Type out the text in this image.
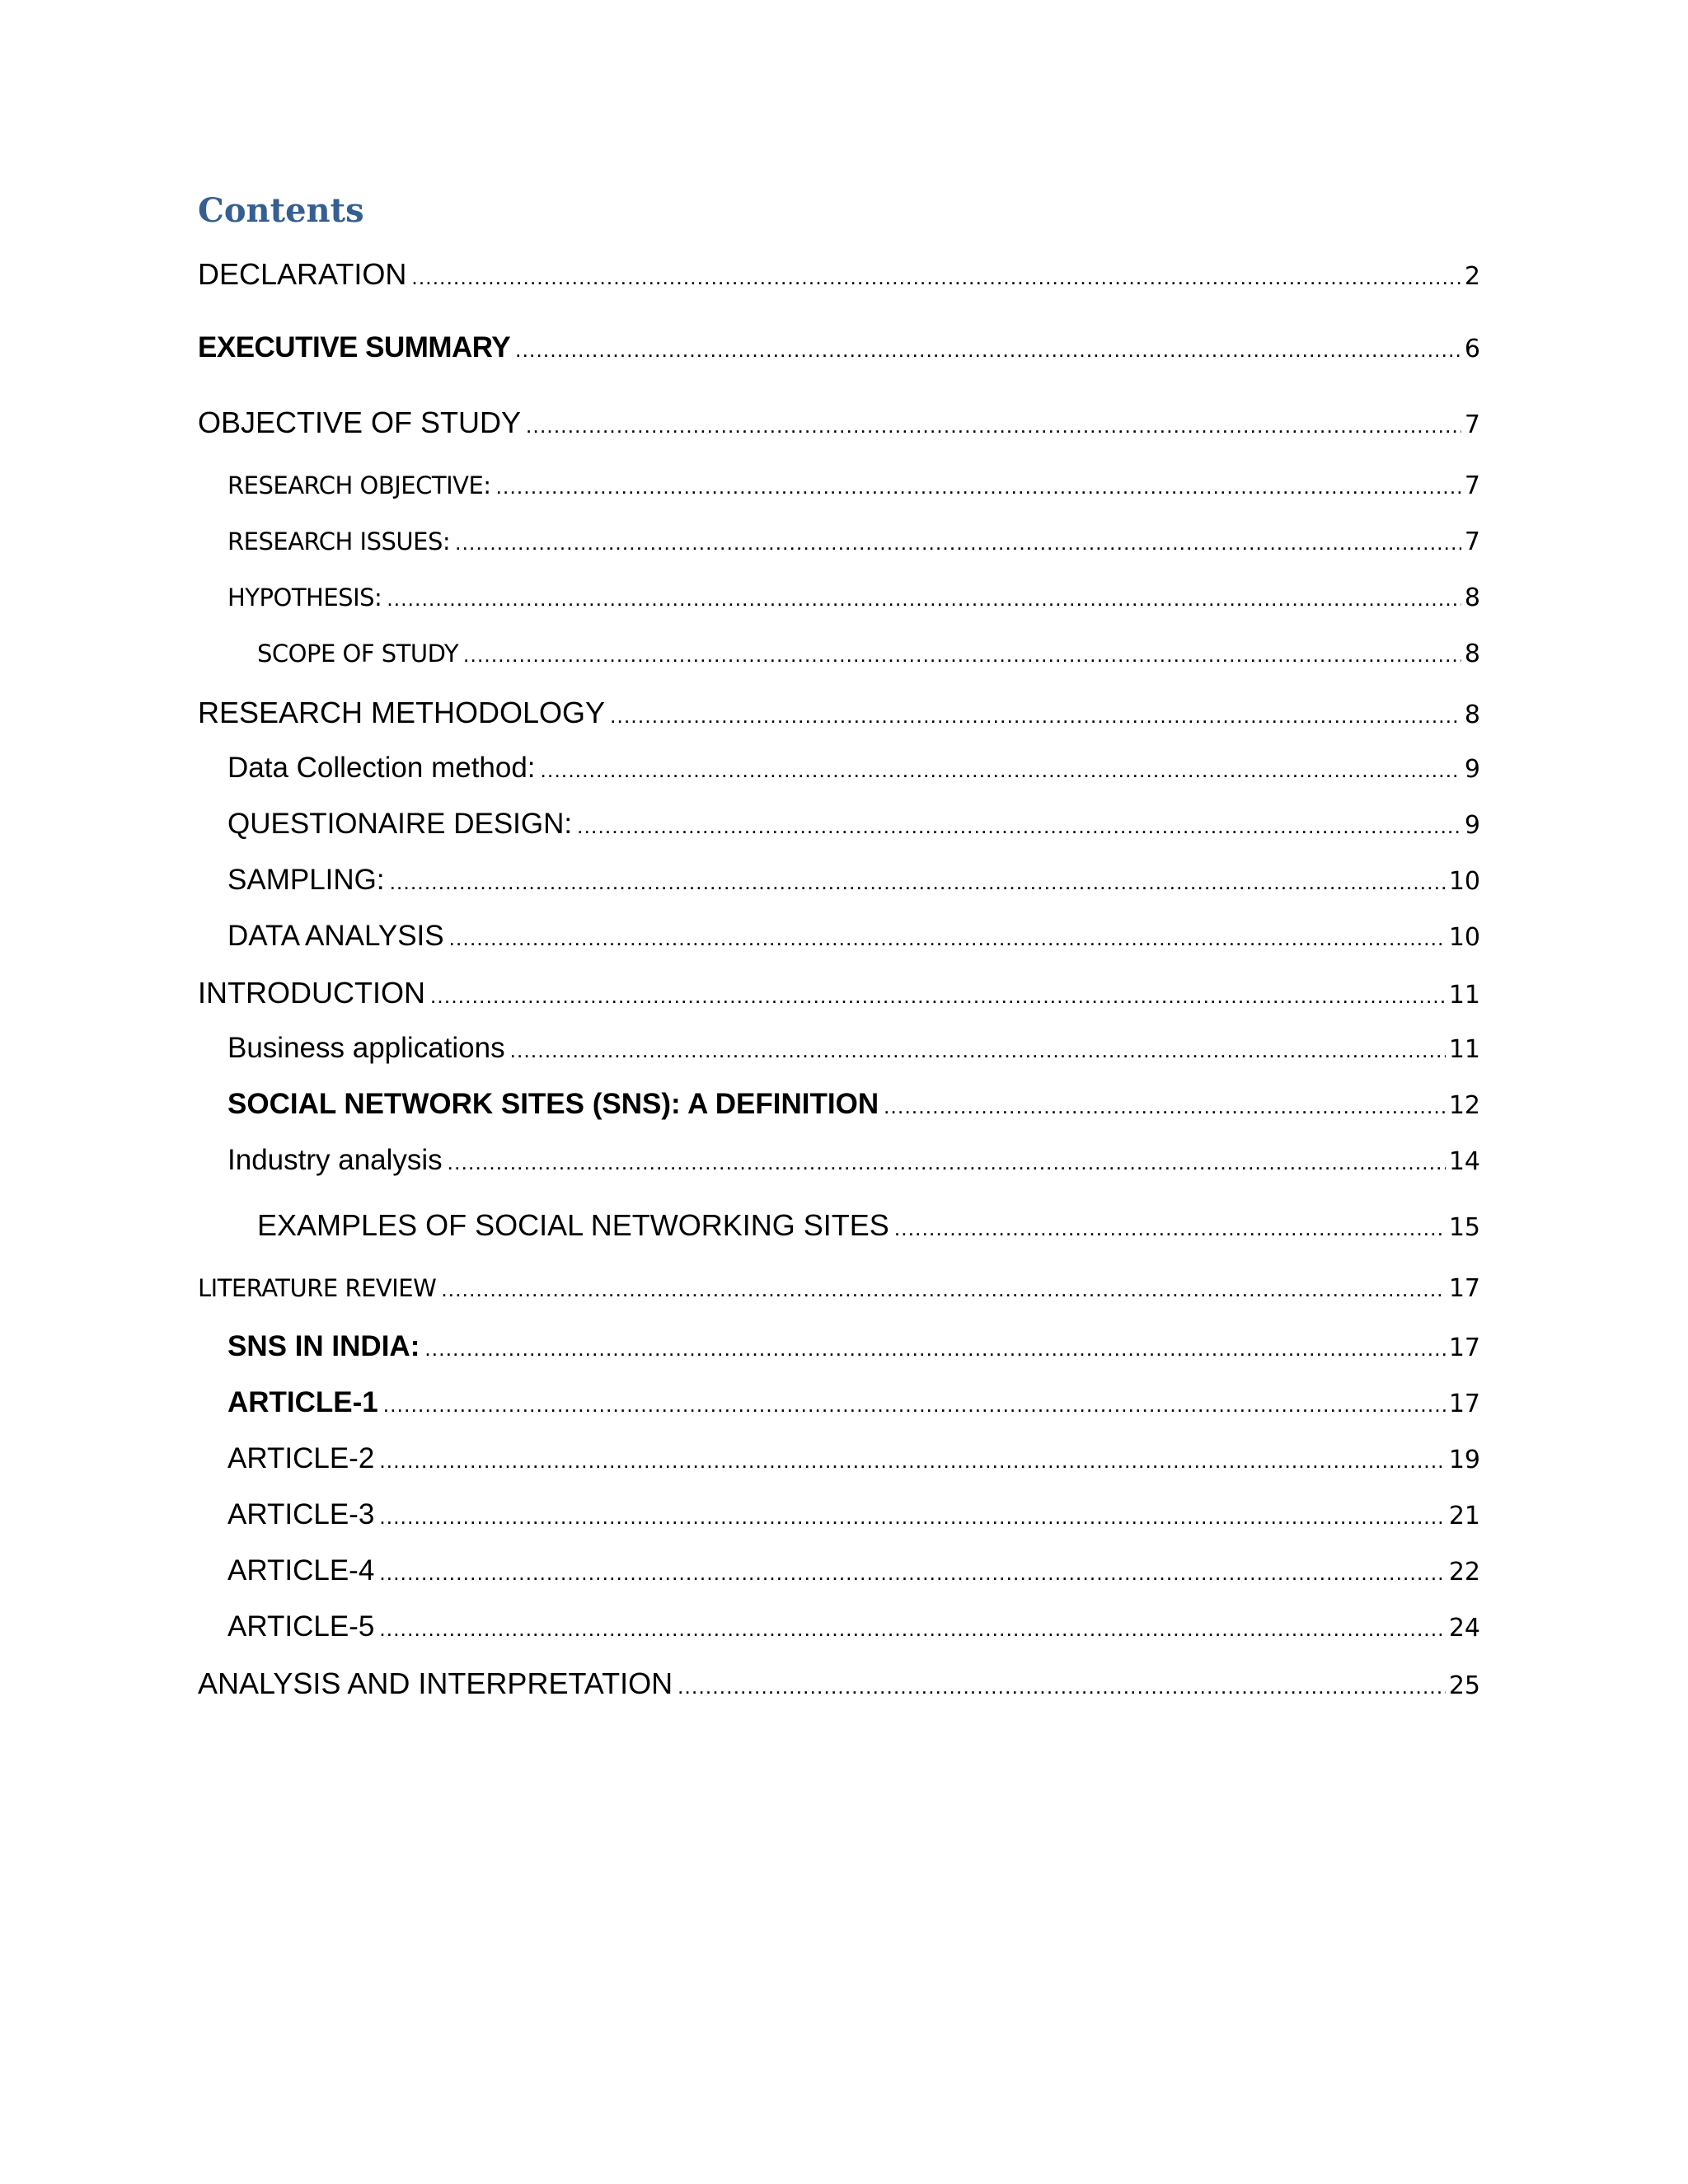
Contents
DECLARATION . . .	2
EXECUTIVE SUMMARY . . .	6
OBJECTIVE OF STUDY . . .	7
RESEARCH OBJECTIVE: . . .	7
RESEARCH ISSUES: . . .	7
HYPOTHESIS: . . .	8
SCOPE OF STUDY . . .	8
RESEARCH METHODOLOGY . . .	8
Data Collection method: . . .	9
QUESTIONAIRE DESIGN: . . .	9
SAMPLING: . . .	10
DATA ANALYSIS . . .	10
INTRODUCTION . . .	11
Business applications . . .	11
SOCIAL NETWORK SITES (SNS): A DEFINITION . . .	12
Industry analysis . . .	14
EXAMPLES OF SOCIAL NETWORKING SITES . . .	15
LITERATURE REVIEW . . .	17
SNS IN INDIA: . . .	17
ARTICLE-1 . . .	17
ARTICLE-2 . . .	19
ARTICLE-3 . . .	21
ARTICLE-4 . . .	22
ARTICLE-5 . . .	24
ANALYSIS AND INTERPRETATION . . .	25
